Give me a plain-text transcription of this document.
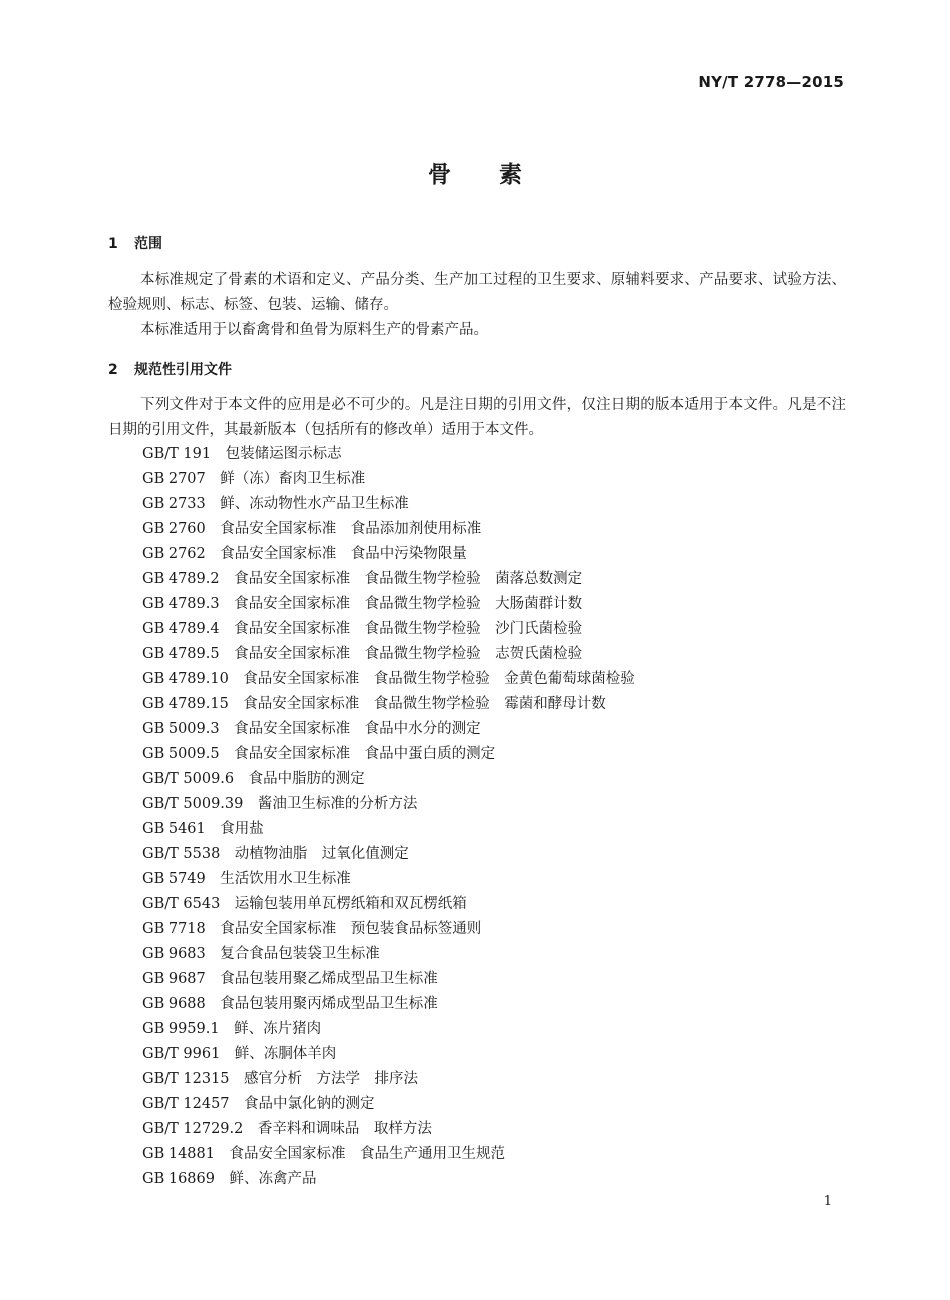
NY/T 2778—2015
骨素
1 范围

本标准规定了骨素的术语和定义、产品分类、生产加工过程的卫生要求、原辅料要求、产品要求、试验方法、检验规则、标志、标签、包装、运输、储存。

本标准适用于以畜禽骨和鱼骨为原料生产的骨素产品。

2 规范性引用文件

下列文件对于本文件的应用是必不可少的。凡是注日期的引用文件，仅注日期的版本适用于本文件。凡是不注日期的引用文件，其最新版本（包括所有的修改单）适用于本文件。

GB/T 191　包装储运图示标志
GB 2707　鲜（冻）畜肉卫生标准
GB 2733　鲜、冻动物性水产品卫生标准
GB 2760　食品安全国家标准　食品添加剂使用标准
GB 2762　食品安全国家标准　食品中污染物限量
GB 4789.2　食品安全国家标准　食品微生物学检验　菌落总数测定
GB 4789.3　食品安全国家标准　食品微生物学检验　大肠菌群计数
GB 4789.4　食品安全国家标准　食品微生物学检验　沙门氏菌检验
GB 4789.5　食品安全国家标准　食品微生物学检验　志贺氏菌检验
GB 4789.10　食品安全国家标准　食品微生物学检验　金黄色葡萄球菌检验
GB 4789.15　食品安全国家标准　食品微生物学检验　霉菌和酵母计数
GB 5009.3　食品安全国家标准　食品中水分的测定
GB 5009.5　食品安全国家标准　食品中蛋白质的测定
GB/T 5009.6　食品中脂肪的测定
GB/T 5009.39　酱油卫生标准的分析方法
GB 5461　食用盐
GB/T 5538　动植物油脂　过氧化值测定
GB 5749　生活饮用水卫生标准
GB/T 6543　运输包装用单瓦楞纸箱和双瓦楞纸箱
GB 7718　食品安全国家标准　预包装食品标签通则
GB 9683　复合食品包装袋卫生标准
GB 9687　食品包装用聚乙烯成型品卫生标准
GB 9688　食品包装用聚丙烯成型品卫生标准
GB 9959.1　鲜、冻片猪肉
GB/T 9961　鲜、冻胴体羊肉
GB/T 12315　感官分析　方法学　排序法
GB/T 12457　食品中氯化钠的测定
GB/T 12729.2　香辛料和调味品　取样方法
GB 14881　食品安全国家标准　食品生产通用卫生规范
GB 16869　鲜、冻禽产品
1
